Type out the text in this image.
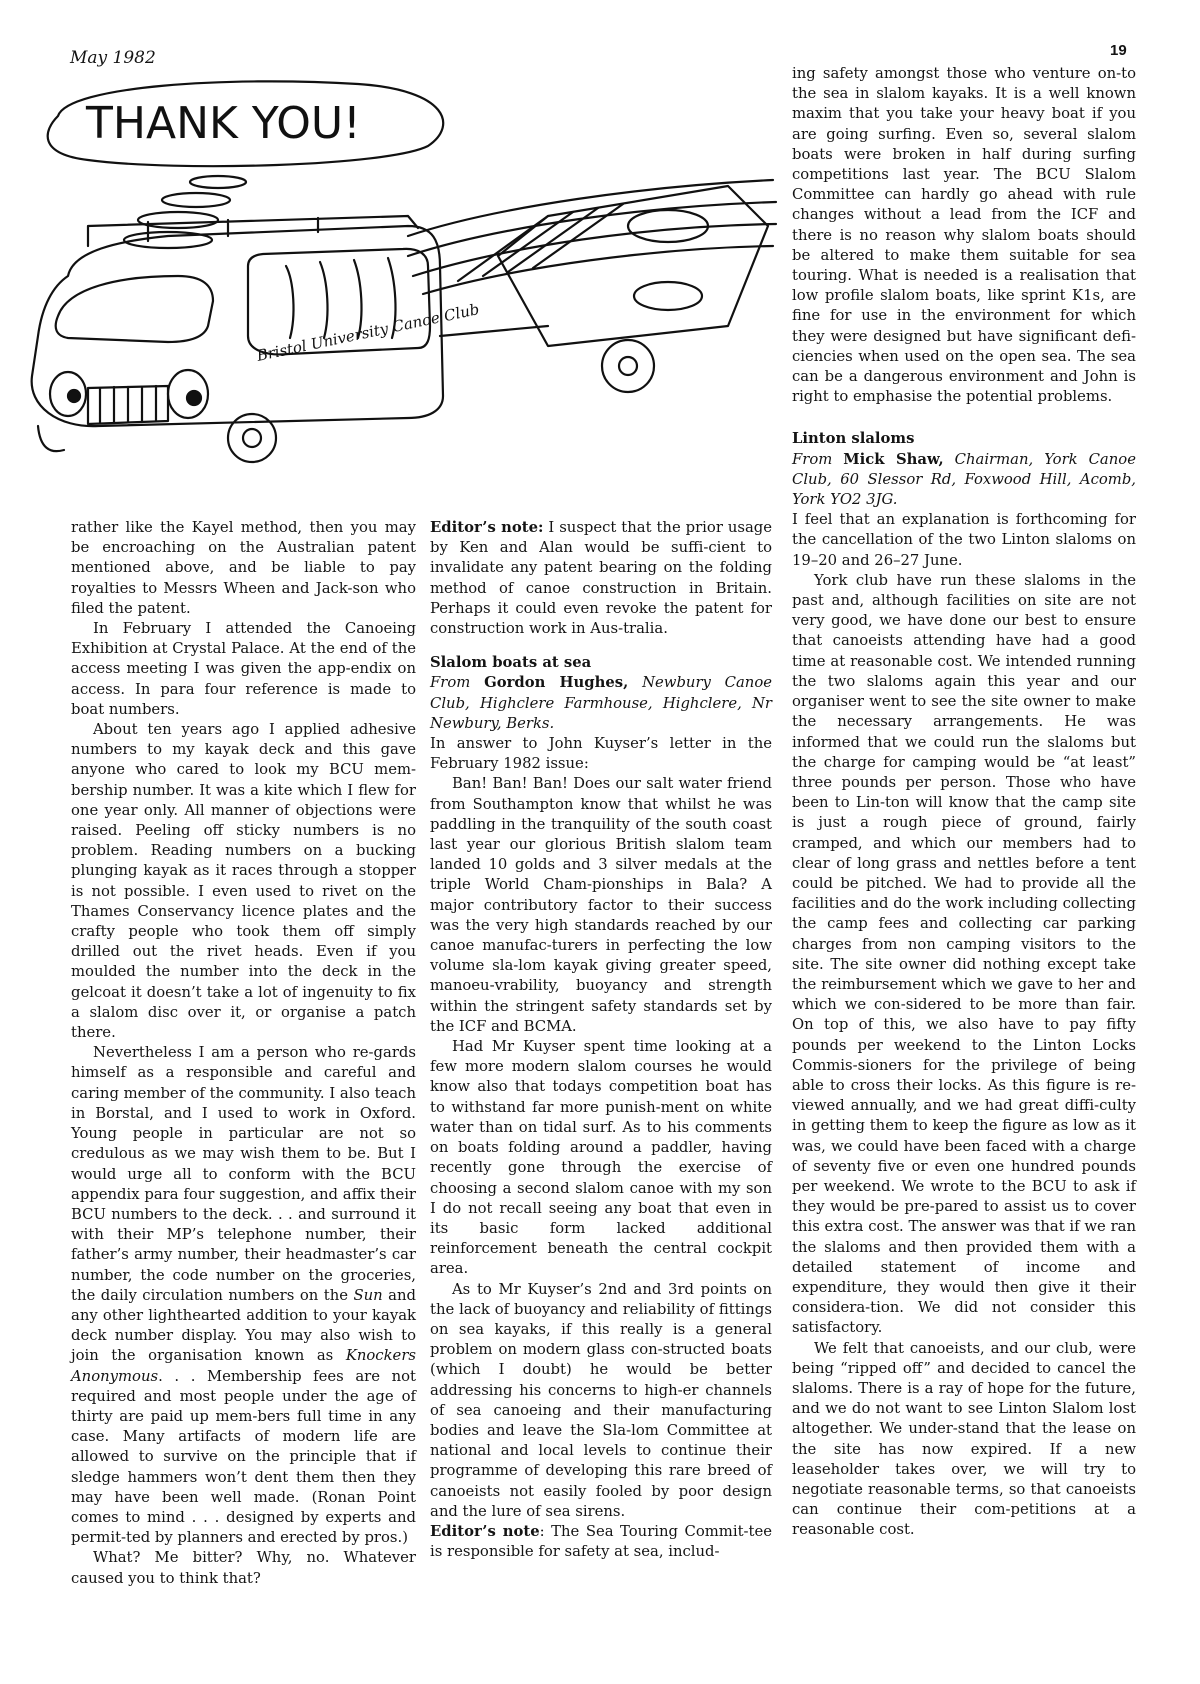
May 1982	19
THANK YOU!
Bristol University Canoe Club

rather like the Kayel method, then you may be encroaching on the Australian patent mentioned above, and be liable to pay royalties to Messrs Wheen and Jack-son who filed the patent.

In February I attended the Canoeing Exhibition at Crystal Palace. At the end of the access meeting I was given the app-endix on access. In para four reference is made to boat numbers.

About ten years ago I applied adhesive numbers to my kayak deck and this gave anyone who cared to look my BCU mem-bership number. It was a kite which I flew for one year only. All manner of objections were raised. Peeling off sticky numbers is no problem. Reading numbers on a bucking plunging kayak as it races through a stopper is not possible. I even used to rivet on the Thames Conservancy licence plates and the crafty people who took them off simply drilled out the rivet heads. Even if you moulded the number into the deck in the gelcoat it doesn’t take a lot of ingenuity to fix a slalom disc over it, or organise a patch there.

Nevertheless I am a person who re-gards himself as a responsible and careful and caring member of the community. I also teach in Borstal, and I used to work in Oxford. Young people in particular are not so credulous as we may wish them to be. But I would urge all to conform with the BCU appendix para four suggestion, and affix their BCU numbers to the deck. . . and surround it with their MP’s telephone number, their father’s army number, their headmaster’s car number, the code number on the groceries, the daily circulation numbers on the Sun and any other lighthearted addition to your kayak deck number display. You may also wish to join the organisation known as Knockers Anonymous. . . Membership fees are not required and most people under the age of thirty are paid up mem-bers full time in any case. Many artifacts of modern life are allowed to survive on the principle that if sledge hammers won’t dent them then they may have been well made. (Ronan Point comes to mind . . . designed by experts and permit-ted by planners and erected by pros.)

What? Me bitter? Why, no. Whatever caused you to think that?

Editor’s note: I suspect that the prior usage by Ken and Alan would be suffi-cient to invalidate any patent bearing on the folding method of canoe construction in Britain. Perhaps it could even revoke the patent for construction work in Aus-tralia.

Slalom boats at sea

From Gordon Hughes, Newbury Canoe Club, Highclere Farmhouse, Highclere, Nr Newbury, Berks.

In answer to John Kuyser’s letter in the February 1982 issue:

Ban! Ban! Ban! Does our salt water friend from Southampton know that whilst he was paddling in the tranquility of the south coast last year our glorious British slalom team landed 10 golds and 3 silver medals at the triple World Cham-pionships in Bala? A major contributory factor to their success was the very high standards reached by our canoe manufac-turers in perfecting the low volume sla-lom kayak giving greater speed, manoeu-vrability, buoyancy and strength within the stringent safety standards set by the ICF and BCMA.

Had Mr Kuyser spent time looking at a few more modern slalom courses he would know also that todays competition boat has to withstand far more punish-ment on white water than on tidal surf. As to his comments on boats folding around a paddler, having recently gone through the exercise of choosing a second slalom canoe with my son I do not recall seeing any boat that even in its basic form lacked additional reinforcement beneath the central cockpit area.

As to Mr Kuyser’s 2nd and 3rd points on the lack of buoyancy and reliability of fittings on sea kayaks, if this really is a general problem on modern glass con-structed boats (which I doubt) he would be better addressing his concerns to high-er channels of sea canoeing and their manufacturing bodies and leave the Sla-lom Committee at national and local levels to continue their programme of developing this rare breed of canoeists not easily fooled by poor design and the lure of sea sirens.

Editor’s note: The Sea Touring Commit-tee is responsible for safety at sea, includ-

ing safety amongst those who venture on-to the sea in slalom kayaks. It is a well known maxim that you take your heavy boat if you are going surfing. Even so, several slalom boats were broken in half during surfing competitions last year. The BCU Slalom Committee can hardly go ahead with rule changes without a lead from the ICF and there is no reason why slalom boats should be altered to make them suitable for sea touring. What is needed is a realisation that low profile slalom boats, like sprint K1s, are fine for use in the environment for which they were designed but have significant defi-ciencies when used on the open sea. The sea can be a dangerous environment and John is right to emphasise the potential problems.

Linton slaloms

From Mick Shaw, Chairman, York Canoe Club, 60 Slessor Rd, Foxwood Hill, Acomb, York YO2 3JG.

I feel that an explanation is forthcoming for the cancellation of the two Linton slaloms on 19–20 and 26–27 June.

York club have run these slaloms in the past and, although facilities on site are not very good, we have done our best to ensure that canoeists attending have had a good time at reasonable cost. We intended running the two slaloms again this year and our organiser went to see the site owner to make the necessary arrangements. He was informed that we could run the slaloms but the charge for camping would be “at least” three pounds per person. Those who have been to Lin-ton will know that the camp site is just a rough piece of ground, fairly cramped, and which our members had to clear of long grass and nettles before a tent could be pitched. We had to provide all the facilities and do the work including collecting the camp fees and collecting car parking charges from non camping visitors to the site. The site owner did nothing except take the reimbursement which we gave to her and which we con-sidered to be more than fair. On top of this, we also have to pay fifty pounds per weekend to the Linton Locks Commis-sioners for the privilege of being able to cross their locks. As this figure is re-viewed annually, and we had great diffi-culty in getting them to keep the figure as low as it was, we could have been faced with a charge of seventy five or even one hundred pounds per weekend. We wrote to the BCU to ask if they would be pre-pared to assist us to cover this extra cost. The answer was that if we ran the slaloms and then provided them with a detailed statement of income and expenditure, they would then give it their considera-tion. We did not consider this satisfactory.

We felt that canoeists, and our club, were being “ripped off” and decided to cancel the slaloms. There is a ray of hope for the future, and we do not want to see Linton Slalom lost altogether. We under-stand that the lease on the site has now expired. If a new leaseholder takes over, we will try to negotiate reasonable terms, so that canoeists can continue their com-petitions at a reasonable cost.
